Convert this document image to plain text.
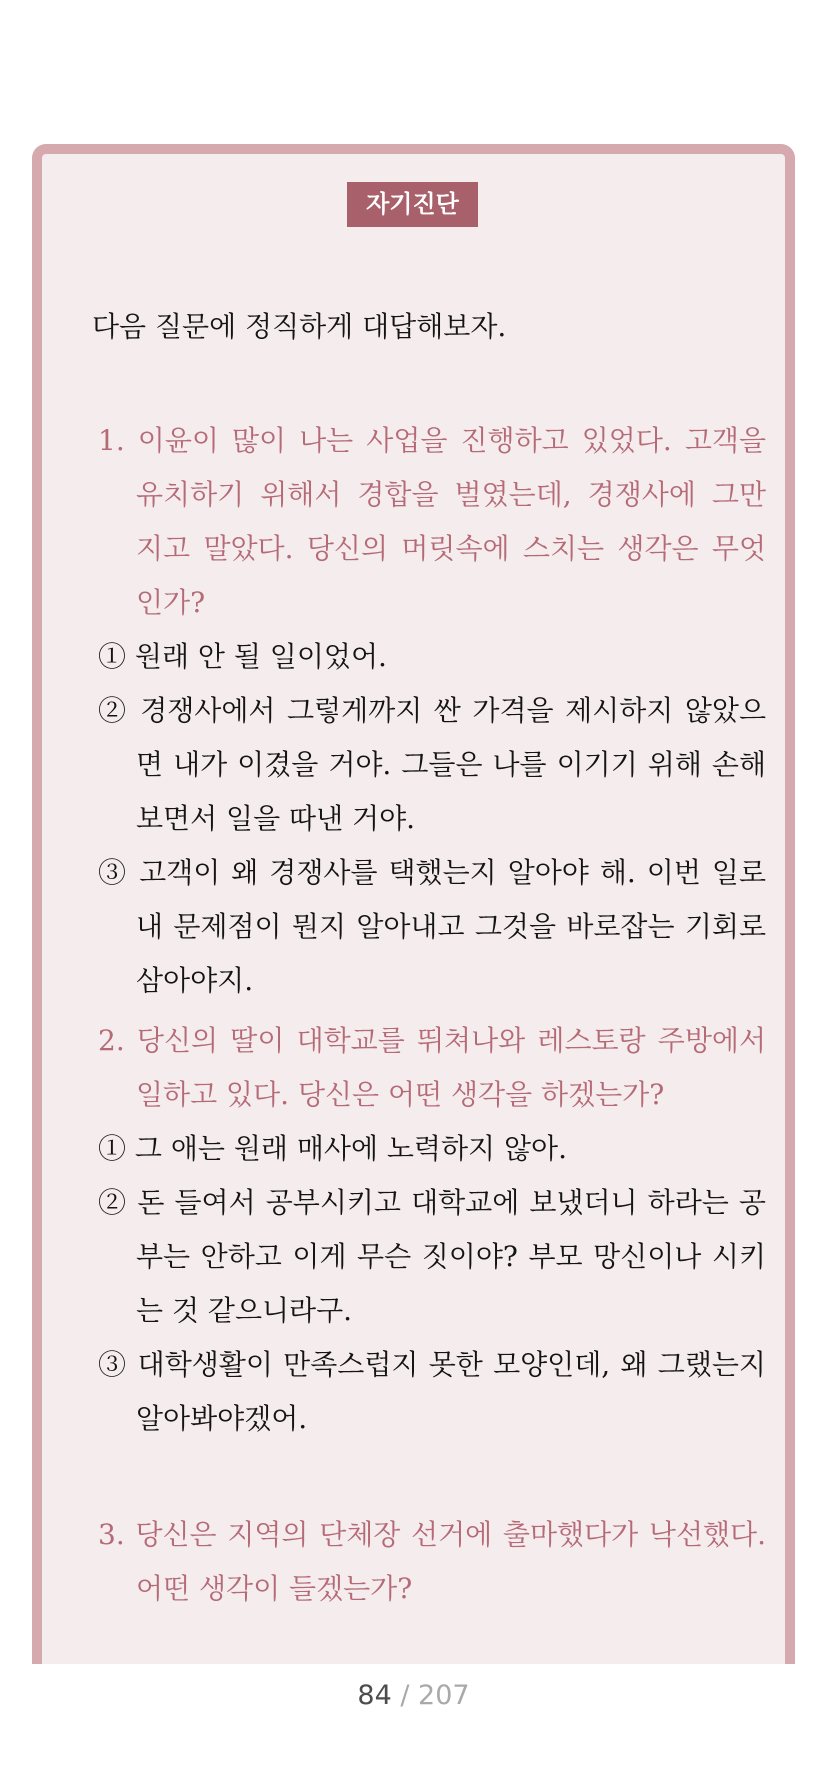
자기진단

다음 질문에 정직하게 대답해보자.

1. 이윤이 많이 나는 사업을 진행하고 있었다. 고객을 유치하기 위해서 경합을 벌였는데, 경쟁사에 그만 지고 말았다. 당신의 머릿속에 스치는 생각은 무엇인가?

① 원래 안 될 일이었어.

② 경쟁사에서 그렇게까지 싼 가격을 제시하지 않았으면 내가 이겼을 거야. 그들은 나를 이기기 위해 손해보면서 일을 따낸 거야.

③ 고객이 왜 경쟁사를 택했는지 알아야 해. 이번 일로 내 문제점이 뭔지 알아내고 그것을 바로잡는 기회로 삼아야지.

2. 당신의 딸이 대학교를 뛰쳐나와 레스토랑 주방에서 일하고 있다. 당신은 어떤 생각을 하겠는가?

① 그 애는 원래 매사에 노력하지 않아.

② 돈 들여서 공부시키고 대학교에 보냈더니 하라는 공부는 안하고 이게 무슨 짓이야? 부모 망신이나 시키는 것 같으니라구.

③ 대학생활이 만족스럽지 못한 모양인데, 왜 그랬는지 알아봐야겠어.

3. 당신은 지역의 단체장 선거에 출마했다가 낙선했다. 어떤 생각이 들겠는가?

84 / 207
